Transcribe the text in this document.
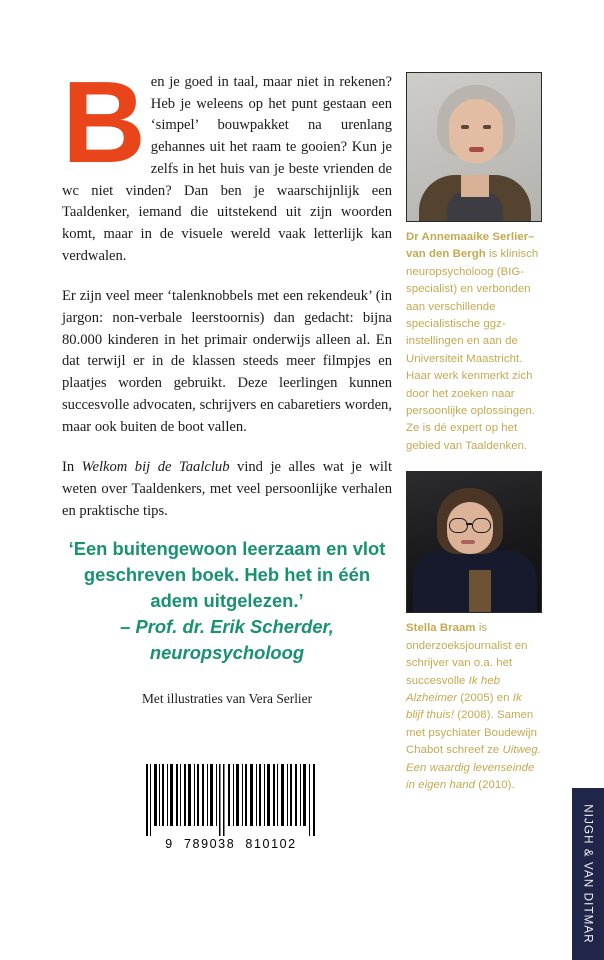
Ben je goed in taal, maar niet in rekenen? Heb je weleens op het punt gestaan een ‘simpel’ bouwpakket na urenlang gehannes uit het raam te gooien? Kun je zelfs in het huis van je beste vrienden de wc niet vinden? Dan ben je waarschijnlijk een Taaldenker, iemand die uitstekend uit zijn woorden komt, maar in de visuele wereld vaak letterlijk kan verdwalen.

Er zijn veel meer ‘talenknobbels met een rekendeuk’ (in jargon: non-verbale leerstoornis) dan gedacht: bijna 80.000 kinderen in het primair onderwijs alleen al. En dat terwijl er in de klassen steeds meer filmpjes en plaatjes worden gebruikt. Deze leerlingen kunnen succesvolle advocaten, schrijvers en cabaretiers worden, maar ook buiten de boot vallen.

In Welkom bij de Taalclub vind je alles wat je wilt weten over Taaldenkers, met veel persoonlijke verhalen en praktische tips.

‘Een buitengewoon leerzaam en vlot geschreven boek. Heb het in één adem uitgelezen.’
– Prof. dr. Erik Scherder,
neuropsycholoog
Met illustraties van Vera Serlier
9  789038  810102
Dr Annemaaike Serlier–van den Bergh is klinisch neuropsycholoog (BIG-specialist) en verbonden aan verschillende specialistische ggz-instellingen en aan de Universiteit Maastricht. Haar werk kenmerkt zich door het zoeken naar persoonlijke oplossingen. Ze is dé expert op het gebied van Taaldenken.
Stella Braam is onderzoeksjournalist en schrijver van o.a. het succesvolle Ik heb Alzheimer (2005) en Ik blijf thuis! (2008). Samen met psychiater Boudewijn Chabot schreef ze Uitweg. Een waardig levenseinde in eigen hand (2010).
NIJGH & VAN DITMAR
